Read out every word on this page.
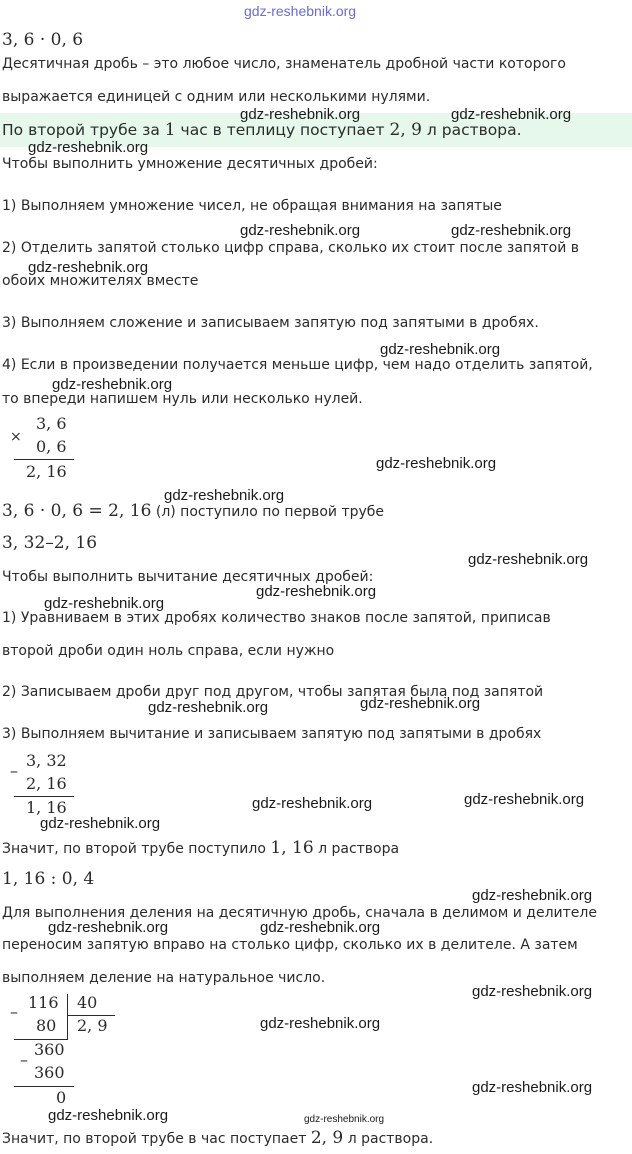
3, 6 · 0, 6
Десятичная дробь – это любое число, знаменатель дробной части которого
выражается единицей с одним или несколькими нулями.
По второй трубе за 1 час в теплицу поступает 2, 9 л раствора.
Чтобы выполнить умножение десятичных дробей:
1) Выполняем умножение чисел, не обращая внимания на запятые
2) Отделить запятой столько цифр справа, сколько их стоит после запятой в
обоих множителях вместе
3) Выполняем сложение и записываем запятую под запятыми в дробях.
4) Если в произведении получается меньше цифр, чем надо отделить запятой,
то впереди напишем нуль или несколько нулей.
×
3, 6
0, 6
2, 16
3, 6 · 0, 6 = 2, 16 (л) поступило по первой трубе
3, 32–2, 16
Чтобы выполнить вычитание десятичных дробей:
1) Уравниваем в этих дробях количество знаков после запятой, приписав
второй дроби один ноль справа, если нужно
2) Записываем дроби друг под другом, чтобы запятая была под запятой
3) Выполняем вычитание и записываем запятую под запятыми в дробях
–
3, 32
2, 16
1, 16
Значит, по второй трубе поступило 1, 16 л раствора
1, 16 : 0, 4
Для выполнения деления на десятичную дробь, сначала в делимом и делителе
переносим запятую вправо на столько цифр, сколько их в делителе. А затем
выполняем деление на натуральное число.
– 116 40
80 2, 9
360
–
360
0
Значит, по второй трубе в час поступает 2, 9 л раствора.
gdz-reshebnik.org
gdz-reshebnik.org	gdz-reshebnik.org
gdz-reshebnik.org
gdz-reshebnik.org	gdz-reshebnik.org
gdz-reshebnik.org
gdz-reshebnik.org
gdz-reshebnik.org
gdz-reshebnik.org
gdz-reshebnik.org
gdz-reshebnik.org
gdz-reshebnik.org
gdz-reshebnik.org
gdz-reshebnik.org
gdz-reshebnik.org
gdz-reshebnik.org	gdz-reshebnik.org
gdz-reshebnik.org
gdz-reshebnik.org
gdz-reshebnik.org	gdz-reshebnik.org
gdz-reshebnik.org
gdz-reshebnik.org
gdz-reshebnik.org
gdz-reshebnik.org	gdz-reshebnik.org
